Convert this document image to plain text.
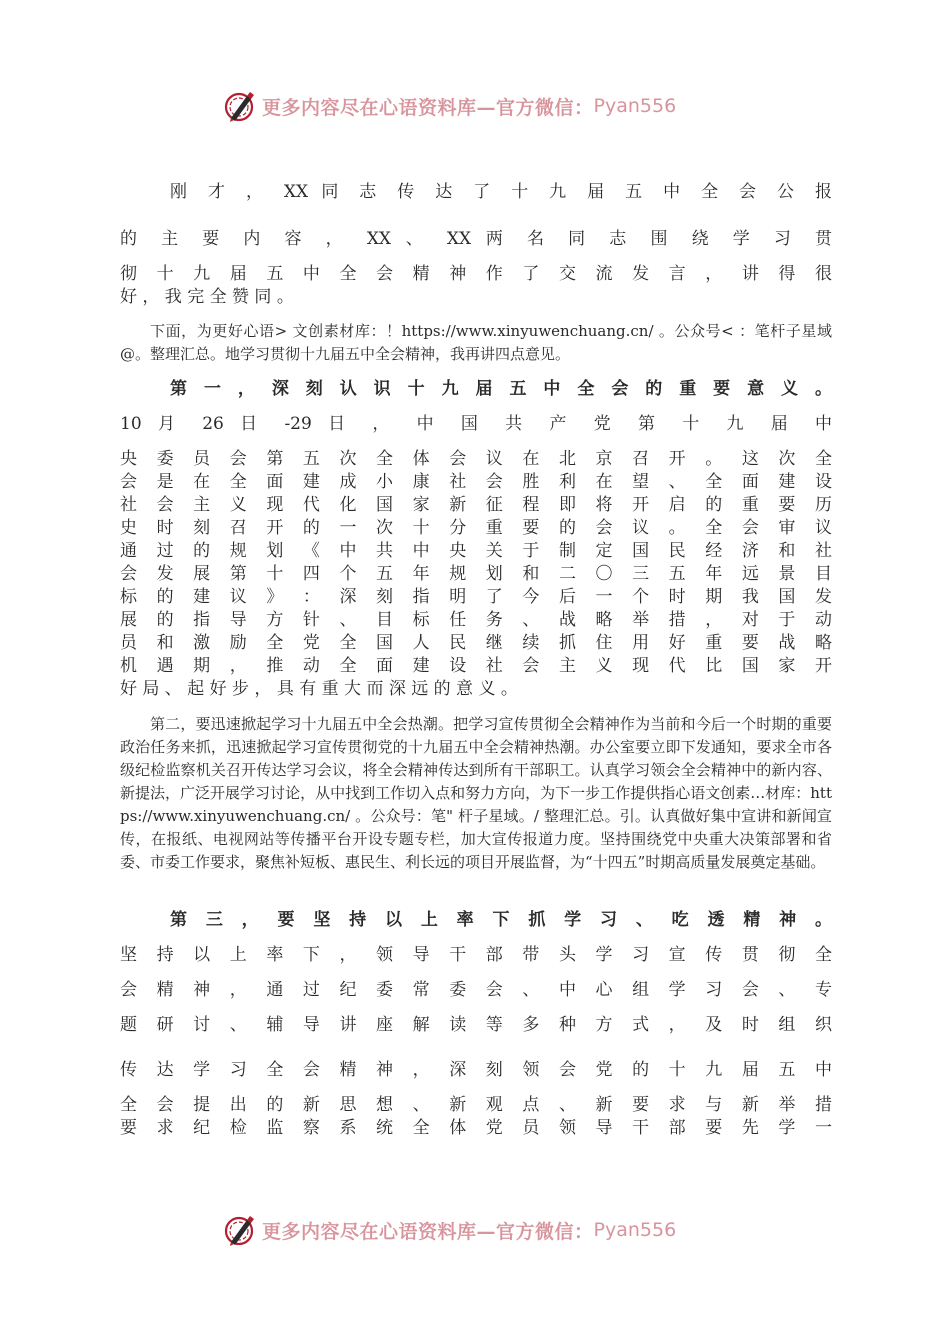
更多内容尽在心语资料库—官方微信： Pyan556
刚 才 ， XX 同 志 传 达 了 十 九 届 五 中 全 会 公 报
的 主 要 内 容 ， XX 、 XX 两 名 同 志 围 绕 学 习 贯
彻 十 九 届 五 中 全 会 精 神 作 了 交 流 发 言 ， 讲 得 很
好 ， 我 完 全 赞 同 。
下面，为更好心语> 文创素材库：！https://www.xinyuwenchuang.cn/ 。公众号< ：笔杆子星域@。整理汇总。地学习贯彻十九届五中全会精神，我再讲四点意见。
第 一 ， 深 刻 认 识 十 九 届 五 中 全 会 的 重 要 意 义 。
10 月 26 日 -29 日 ， 中 国 共 产 党 第 十 九 届 中
央 委 员 会 第 五 次 全 体 会 议 在 北 京 召 开 。 这 次 全
会 是 在 全 面 建 成 小 康 社 会 胜 利 在 望 、 全 面 建 设
社 会 主 义 现 代 化 国 家 新 征 程 即 将 开 启 的 重 要 历
史 时 刻 召 开 的 一 次 十 分 重 要 的 会 议 。 全 会 审 议
通 过 的 规 划 《 中 共 中 央 关 于 制 定 国 民 经 济 和 社
会 发 展 第 十 四 个 五 年 规 划 和 二 〇 三 五 年 远 景 目
标 的 建 议 》 ： 深 刻 指 明 了 今 后 一 个 时 期 我 国 发
展 的 指 导 方 针 、 目 标 任 务 、 战 略 举 措 ， 对 于 动
员 和 激 励 全 党 全 国 人 民 继 续 抓 住 用 好 重 要 战 略
机 遇 期 ， 推 动 全 面 建 设 社 会 主 义 现 代 比 国 家 开
好 局 、 起 好 步 ， 具 有 重 大 而 深 远 的 意 义 。
第二，要迅速掀起学习十九届五中全会热潮。把学习宣传贯彻全会精神作为当前和今后一个时期的重要政治任务来抓，迅速掀起学习宣传贯彻党的十九届五中全会精神热潮。办公室要立即下发通知，要求全市各级纪检监察机关召开传达学习会议，将全会精神传达到所有干部职工。认真学习领会全会精神中的新内容、新提法，广泛开展学习讨论，从中找到工作切入点和努力方向，为下一步工作提供指心语文创素…材库：https://www.xinyuwenchuang.cn/ 。公众号：笔" 杆子星域。/ 整理汇总。引。认真做好集中宣讲和新闻宣传，在报纸、电视网站等传播平台开设专题专栏，加大宣传报道力度。坚持围绕党中央重大决策部署和省委、市委工作要求，聚焦补短板、惠民生、利长远的项目开展监督，为“十四五”时期高质量发展奠定基础。
第 三 ， 要 坚 持 以 上 率 下 抓 学 习 、 吃 透 精 神 。
坚 持 以 上 率 下 ， 领 导 干 部 带 头 学 习 宣 传 贯 彻 全
会 精 神 ， 通 过 纪 委 常 委 会 、 中 心 组 学 习 会 、 专
题 研 讨 、 辅 导 讲 座 解 读 等 多 种 方 式 ， 及 时 组 织
传 达 学 习 全 会 精 神 ， 深 刻 领 会 党 的 十 九 届 五 中
全 会 提 出 的 新 思 想 、 新 观 点 、 新 要 求 与 新 举 措
要 求 纪 检 监 察 系 统 全 体 党 员 领 导 干 部 要 先 学 一
更多内容尽在心语资料库—官方微信： Pyan556
